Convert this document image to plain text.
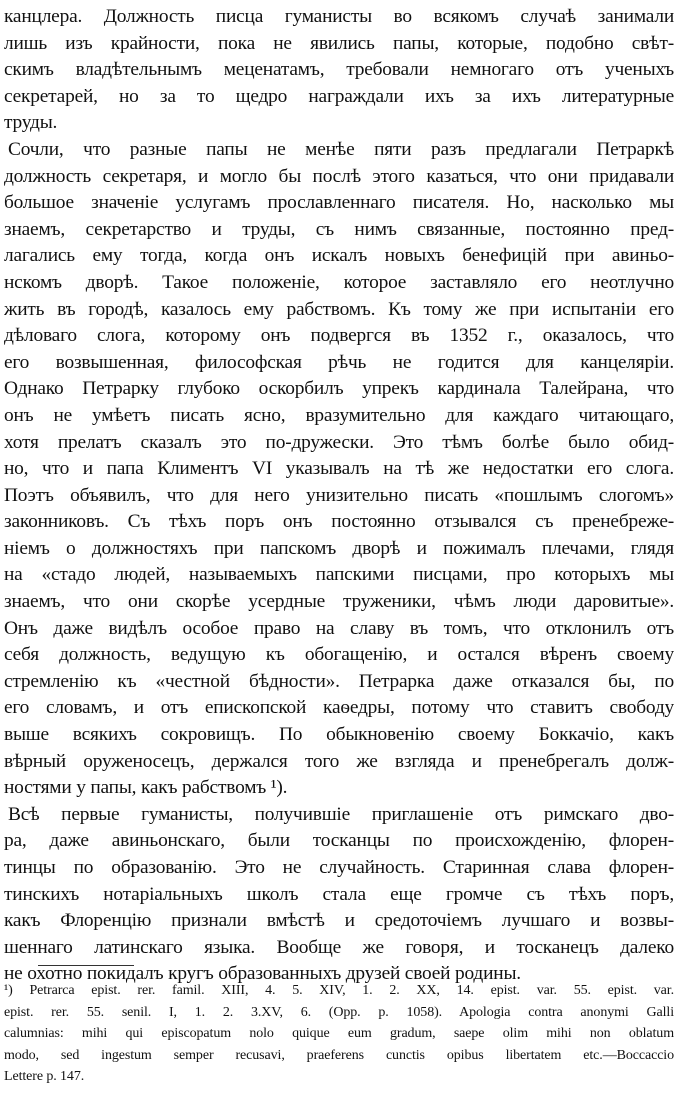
канцлера. Должность писца гуманисты во всякомъ случаѣ занимали
лишь изъ крайности, пока не явились папы, которые, подобно свѣт-
скимъ владѣтельнымъ меценатамъ, требовали немногаго отъ ученыхъ
секретарей, но за то щедро награждали ихъ за ихъ литературные
труды.
Сочли, что разные папы не менѣе пяти разъ предлагали Петраркѣ
должность секретаря, и могло бы послѣ этого казаться, что они придавали
большое значеніе услугамъ прославленнаго писателя. Но, насколько мы
знаемъ, секретарство и труды, съ нимъ связанные, постоянно пред-
лагались ему тогда, когда онъ искалъ новыхъ бенефицій при авиньо-
нскомъ дворѣ. Такое положеніе, которое заставляло его неотлучно
жить въ городѣ, казалось ему рабствомъ. Къ тому же при испытаніи его
дѣловаго слога, которому онъ подвергся въ 1352 г., оказалось, что
его возвышенная, философская рѣчь не годится для канцеляріи.
Однако Петрарку глубоко оскорбилъ упрекъ кардинала Талейрана, что
онъ не умѣетъ писать ясно, вразумительно для каждаго читающаго,
хотя прелатъ сказалъ это по-дружески. Это тѣмъ болѣе было обид-
но, что и папа Климентъ VI указывалъ на тѣ же недостатки его слога.
Поэтъ объявилъ, что для него унизительно писать «пошлымъ слогомъ»
законниковъ. Съ тѣхъ поръ онъ постоянно отзывался съ пренебреже-
ніемъ о должностяхъ при папскомъ дворѣ и пожималъ плечами, глядя
на «стадо людей, называемыхъ папскими писцами, про которыхъ мы
знаемъ, что они скорѣе усердные труженики, чѣмъ люди даровитые».
Онъ даже видѣлъ особое право на славу въ томъ, что отклонилъ отъ
себя должность, ведущую къ обогащенію, и остался вѣренъ своему
стремленію къ «честной бѣдности». Петрарка даже отказался бы, по
его словамъ, и отъ епископской каѳедры, потому что ставитъ свободу
выше всякихъ сокровищъ. По обыкновенію своему Боккачіо, какъ
вѣрный оруженосецъ, держался того же взгляда и пренебрегалъ долж-
ностями у папы, какъ рабствомъ ¹).
Всѣ первые гуманисты, получившіе приглашеніе отъ римскаго дво-
ра, даже авиньонскаго, были тосканцы по происхожденію, флорен-
тинцы по образованію. Это не случайность. Старинная слава флорен-
тинскихъ нотаріальныхъ школъ стала еще громче съ тѣхъ поръ,
какъ Флоренцію признали вмѣстѣ и средоточіемъ лучшаго и возвы-
шеннаго латинскаго языка. Вообще же говоря, и тосканецъ далеко
не охотно покидалъ кругъ образованныхъ друзей своей родины.
¹) Petrarca epist. rer. famil. XIII, 4. 5. XIV, 1. 2. XX, 14. epist. var. 55. epist. var.
epist. rer. 55. senil. I, 1. 2. 3.XV, 6. (Opp. p. 1058). Apologia contra anonymi Galli
calumnias: mihi qui episcopatum nolo quique eum gradum, saepe olim mihi non oblatum
modo, sed ingestum semper recusavi, praeferens cunctis opibus libertatem etc.—Boccaccio
Lettere p. 147.
